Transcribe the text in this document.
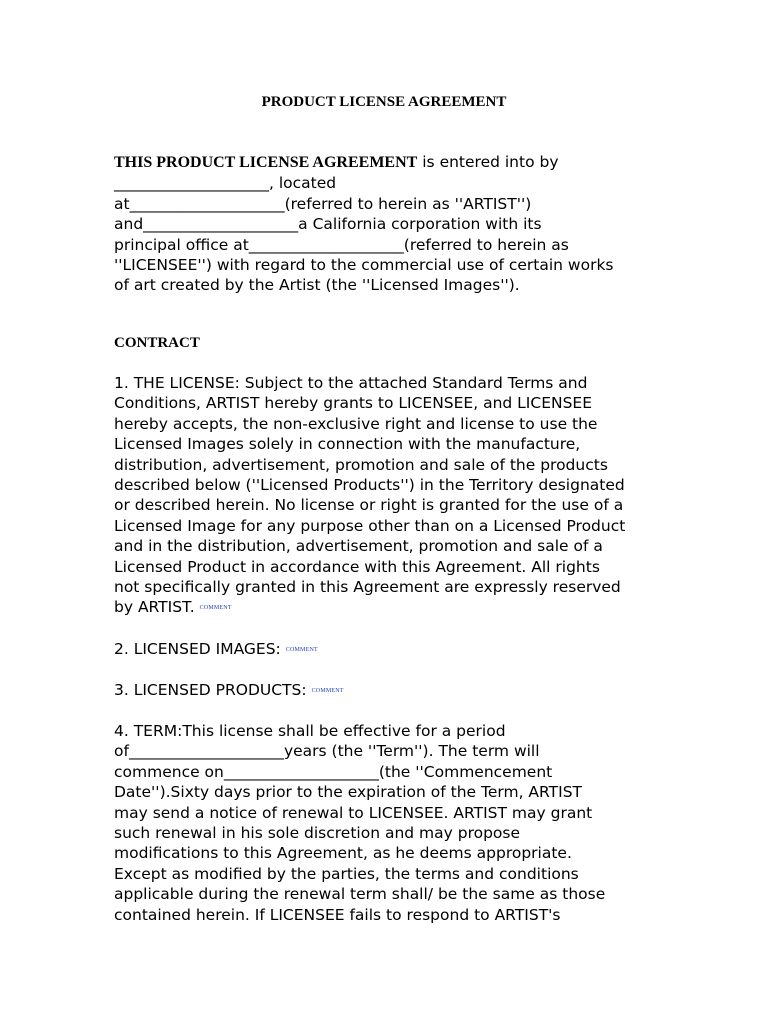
PRODUCT LICENSE AGREEMENT
THIS PRODUCT LICENSE AGREEMENT is entered into by
____________________, located
at____________________(referred to herein as ''ARTIST'')
and____________________a California corporation with its
principal office at____________________(referred to herein as
''LICENSEE'') with regard to the commercial use of certain works
of art created by the Artist (the ''Licensed Images'').
CONTRACT
1. THE LICENSE: Subject to the attached Standard Terms and
Conditions, ARTIST hereby grants to LICENSEE, and LICENSEE
hereby accepts, the non-exclusive right and license to use the
Licensed Images solely in connection with the manufacture,
distribution, advertisement, promotion and sale of the products
described below (''Licensed Products'') in the Territory designated
or described herein. No license or right is granted for the use of a
Licensed Image for any purpose other than on a Licensed Product
and in the distribution, advertisement, promotion and sale of a
Licensed Product in accordance with this Agreement. All rights
not specifically granted in this Agreement are expressly reserved
by ARTIST. COMMENT
2. LICENSED IMAGES: COMMENT
3. LICENSED PRODUCTS: COMMENT
4. TERM:This license shall be effective for a period
of____________________years (the ''Term''). The term will
commence on____________________(the ''Commencement
Date'').Sixty days prior to the expiration of the Term, ARTIST
may send a notice of renewal to LICENSEE. ARTIST may grant
such renewal in his sole discretion and may propose
modifications to this Agreement, as he deems appropriate.
Except as modified by the parties, the terms and conditions
applicable during the renewal term shall/ be the same as those
contained herein. If LICENSEE fails to respond to ARTIST's
